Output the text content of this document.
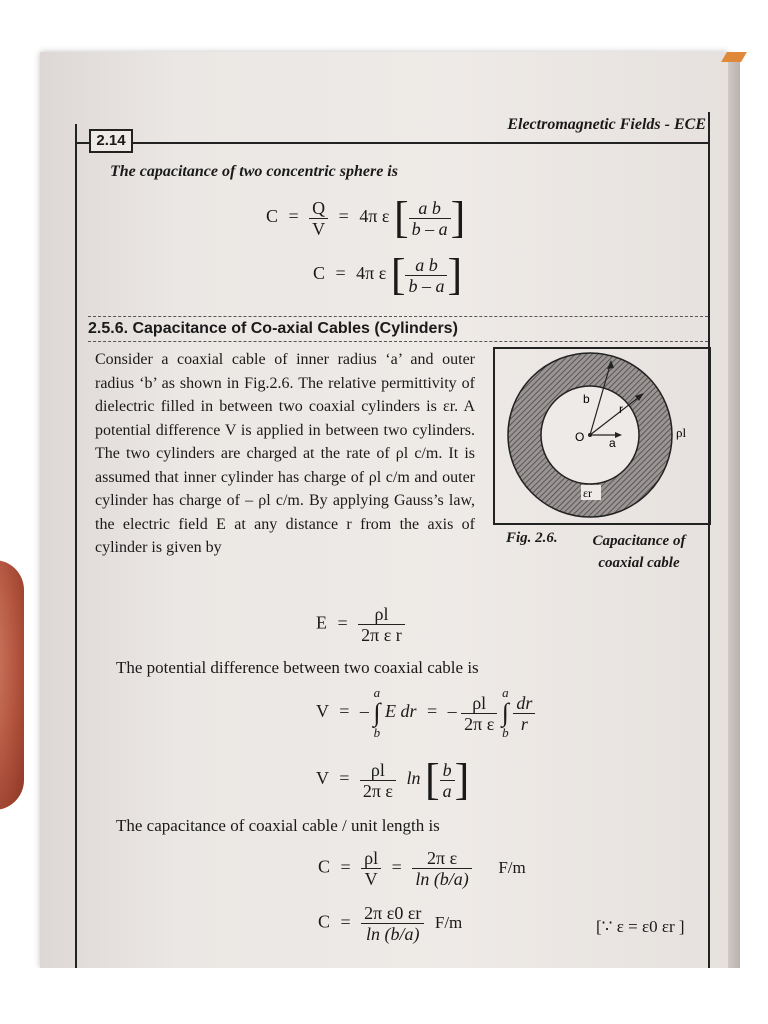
2.14
Electromagnetic Fields - ECE
The capacitance of two concentric sphere is
$C = \frac{Q}{V} = 4\pi$ ε [ $\frac{\text{a b}}{b - a}$ ]
C = 4π ε [ $\frac{\text{a b}}{b - a}$ ]
2.5.6. Capacitance of Co-axial Cables (Cylinders)
Consider a coaxial cable of inner radius ‘a’ and outer radius ‘b’ as shown in Fig.2.6. The relative permittivity of dielectric filled in between two coaxial cylinders is εr. A potential difference V is applied in between two cylinders. The two cylinders are charged at the rate of ρl c/m. It is assumed that inner cylinder has charge of ρl c/m and outer cylinder has charge of – ρl c/m. By applying Gauss’s law, the electric field E at any distance r from the axis of cylinder is given by
b
r
O a
ρl
εr
Fig. 2.6.	Capacitance of coaxial cable
$E = \frac{\rho l}{\text{2π ε r}}$
The potential difference between two coaxial cable is
V = – a
∫
b E dr = – $\frac{\rho l}{\text{2π ε}}$ a
∫
b $\frac{dr}{r}$
$V = \frac{\rho l}{\text{2π ε}}$ ln [ $\frac{b}{a}$ ]
The capacitance of coaxial cable / unit length is
$C = \frac{\rho l}{V} = \frac{\text{2π ε}}{\ln (b/a)} F/m$
$C = \frac{\text{2π ε0 εr}}{\ln (b/a)} F/m$	[∵ ε = ε0 εr ]
